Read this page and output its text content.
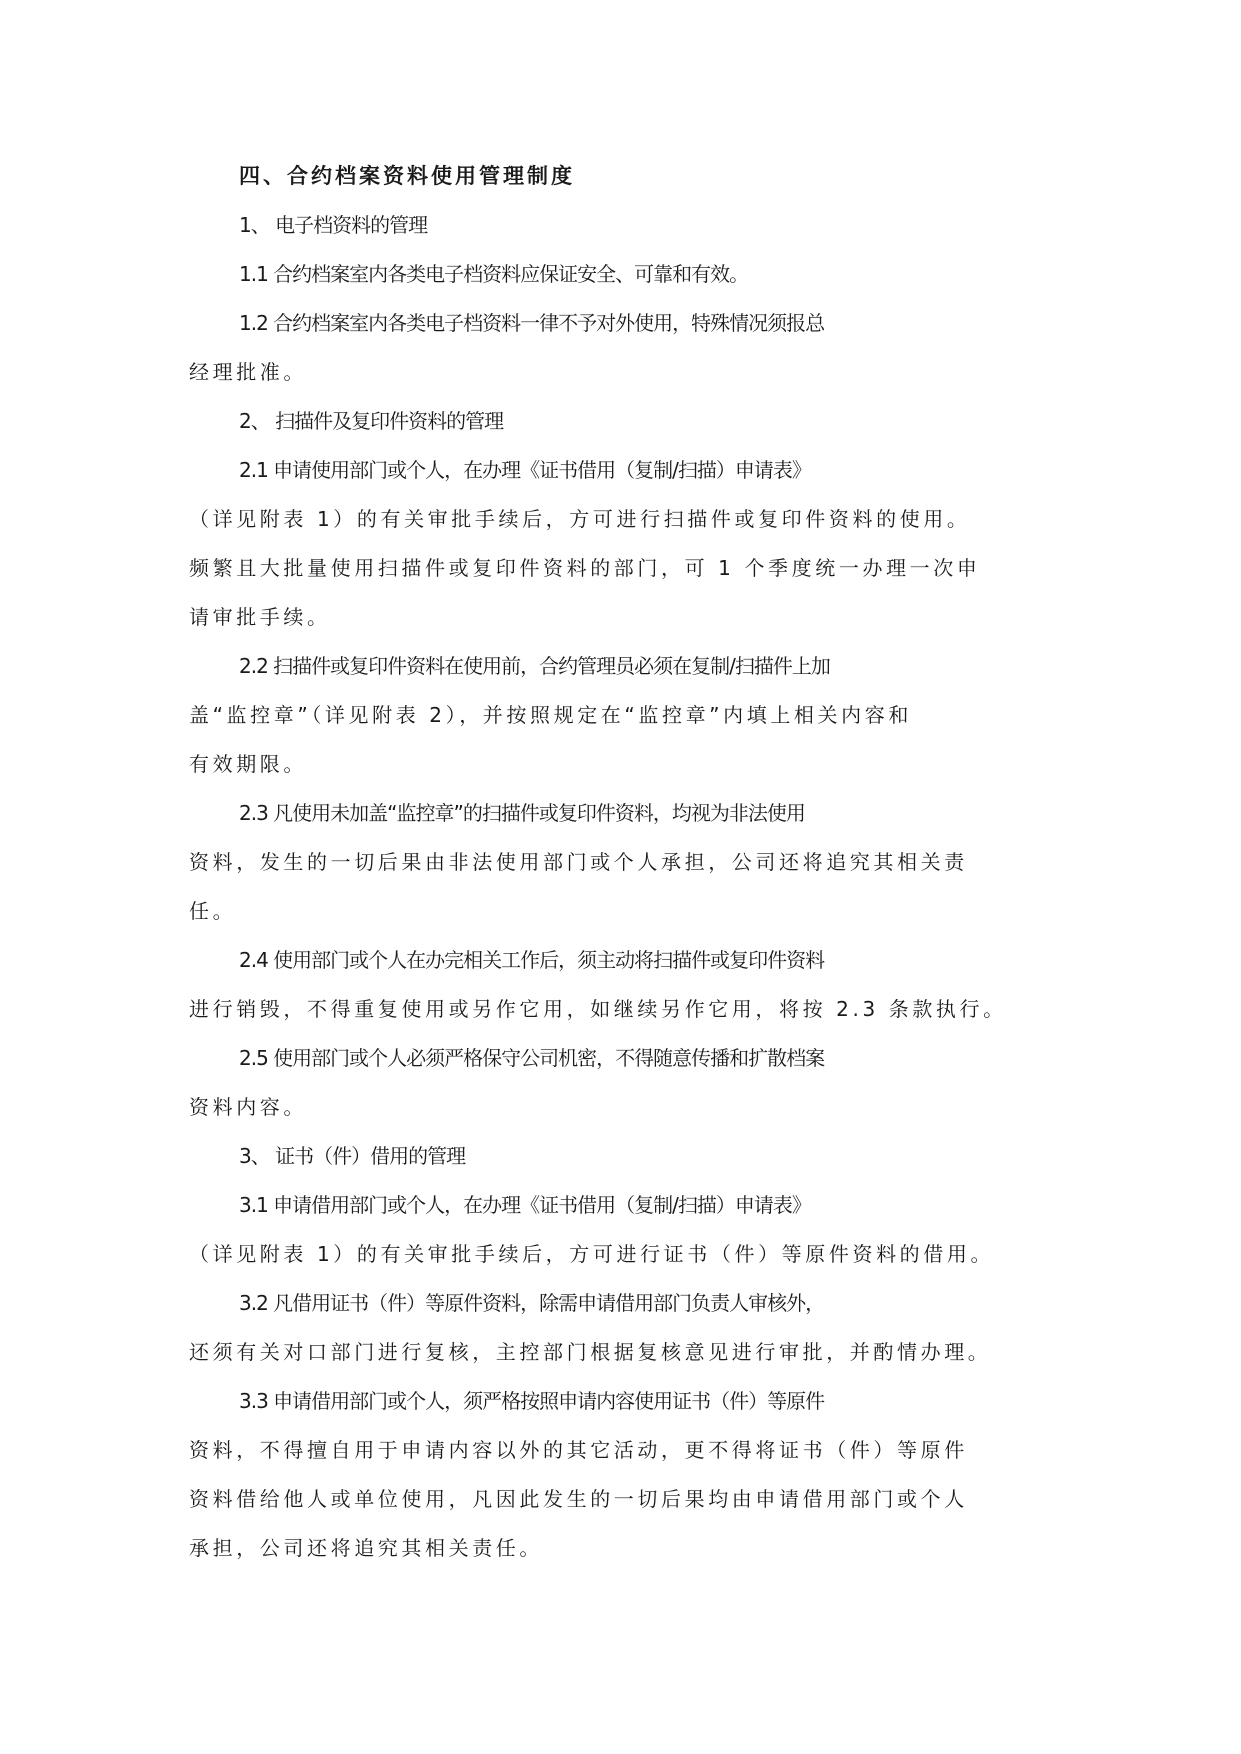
四、合约档案资料使用管理制度

1、 电子档资料的管理

1.1 合约档案室内各类电子档资料应保证安全、可靠和有效。

1.2 合约档案室内各类电子档资料一律不予对外使用，特殊情况须报总
经理批准。

2、 扫描件及复印件资料的管理

2.1 申请使用部门或个人，在办理《证书借用（复制/扫描）申请表》
（详见附表 1）的有关审批手续后，方可进行扫描件或复印件资料的使用。
频繁且大批量使用扫描件或复印件资料的部门，可 1 个季度统一办理一次申
请审批手续。

2.2 扫描件或复印件资料在使用前，合约管理员必须在复制/扫描件上加
盖“监控章”（详见附表 2），并按照规定在“监控章”内填上相关内容和
有效期限。

2.3 凡使用未加盖“监控章”的扫描件或复印件资料，均视为非法使用
资料，发生的一切后果由非法使用部门或个人承担，公司还将追究其相关责
任。

2.4 使用部门或个人在办完相关工作后，须主动将扫描件或复印件资料
进行销毁，不得重复使用或另作它用，如继续另作它用，将按 2.3 条款执行。

2.5 使用部门或个人必须严格保守公司机密，不得随意传播和扩散档案
资料内容。

3、 证书（件）借用的管理

3.1 申请借用部门或个人，在办理《证书借用（复制/扫描）申请表》
（详见附表 1）的有关审批手续后，方可进行证书（件）等原件资料的借用。

3.2 凡借用证书（件）等原件资料，除需申请借用部门负责人审核外，
还须有关对口部门进行复核，主控部门根据复核意见进行审批，并酌情办理。

3.3 申请借用部门或个人，须严格按照申请内容使用证书（件）等原件
资料，不得擅自用于申请内容以外的其它活动，更不得将证书（件）等原件
资料借给他人或单位使用，凡因此发生的一切后果均由申请借用部门或个人
承担，公司还将追究其相关责任。
